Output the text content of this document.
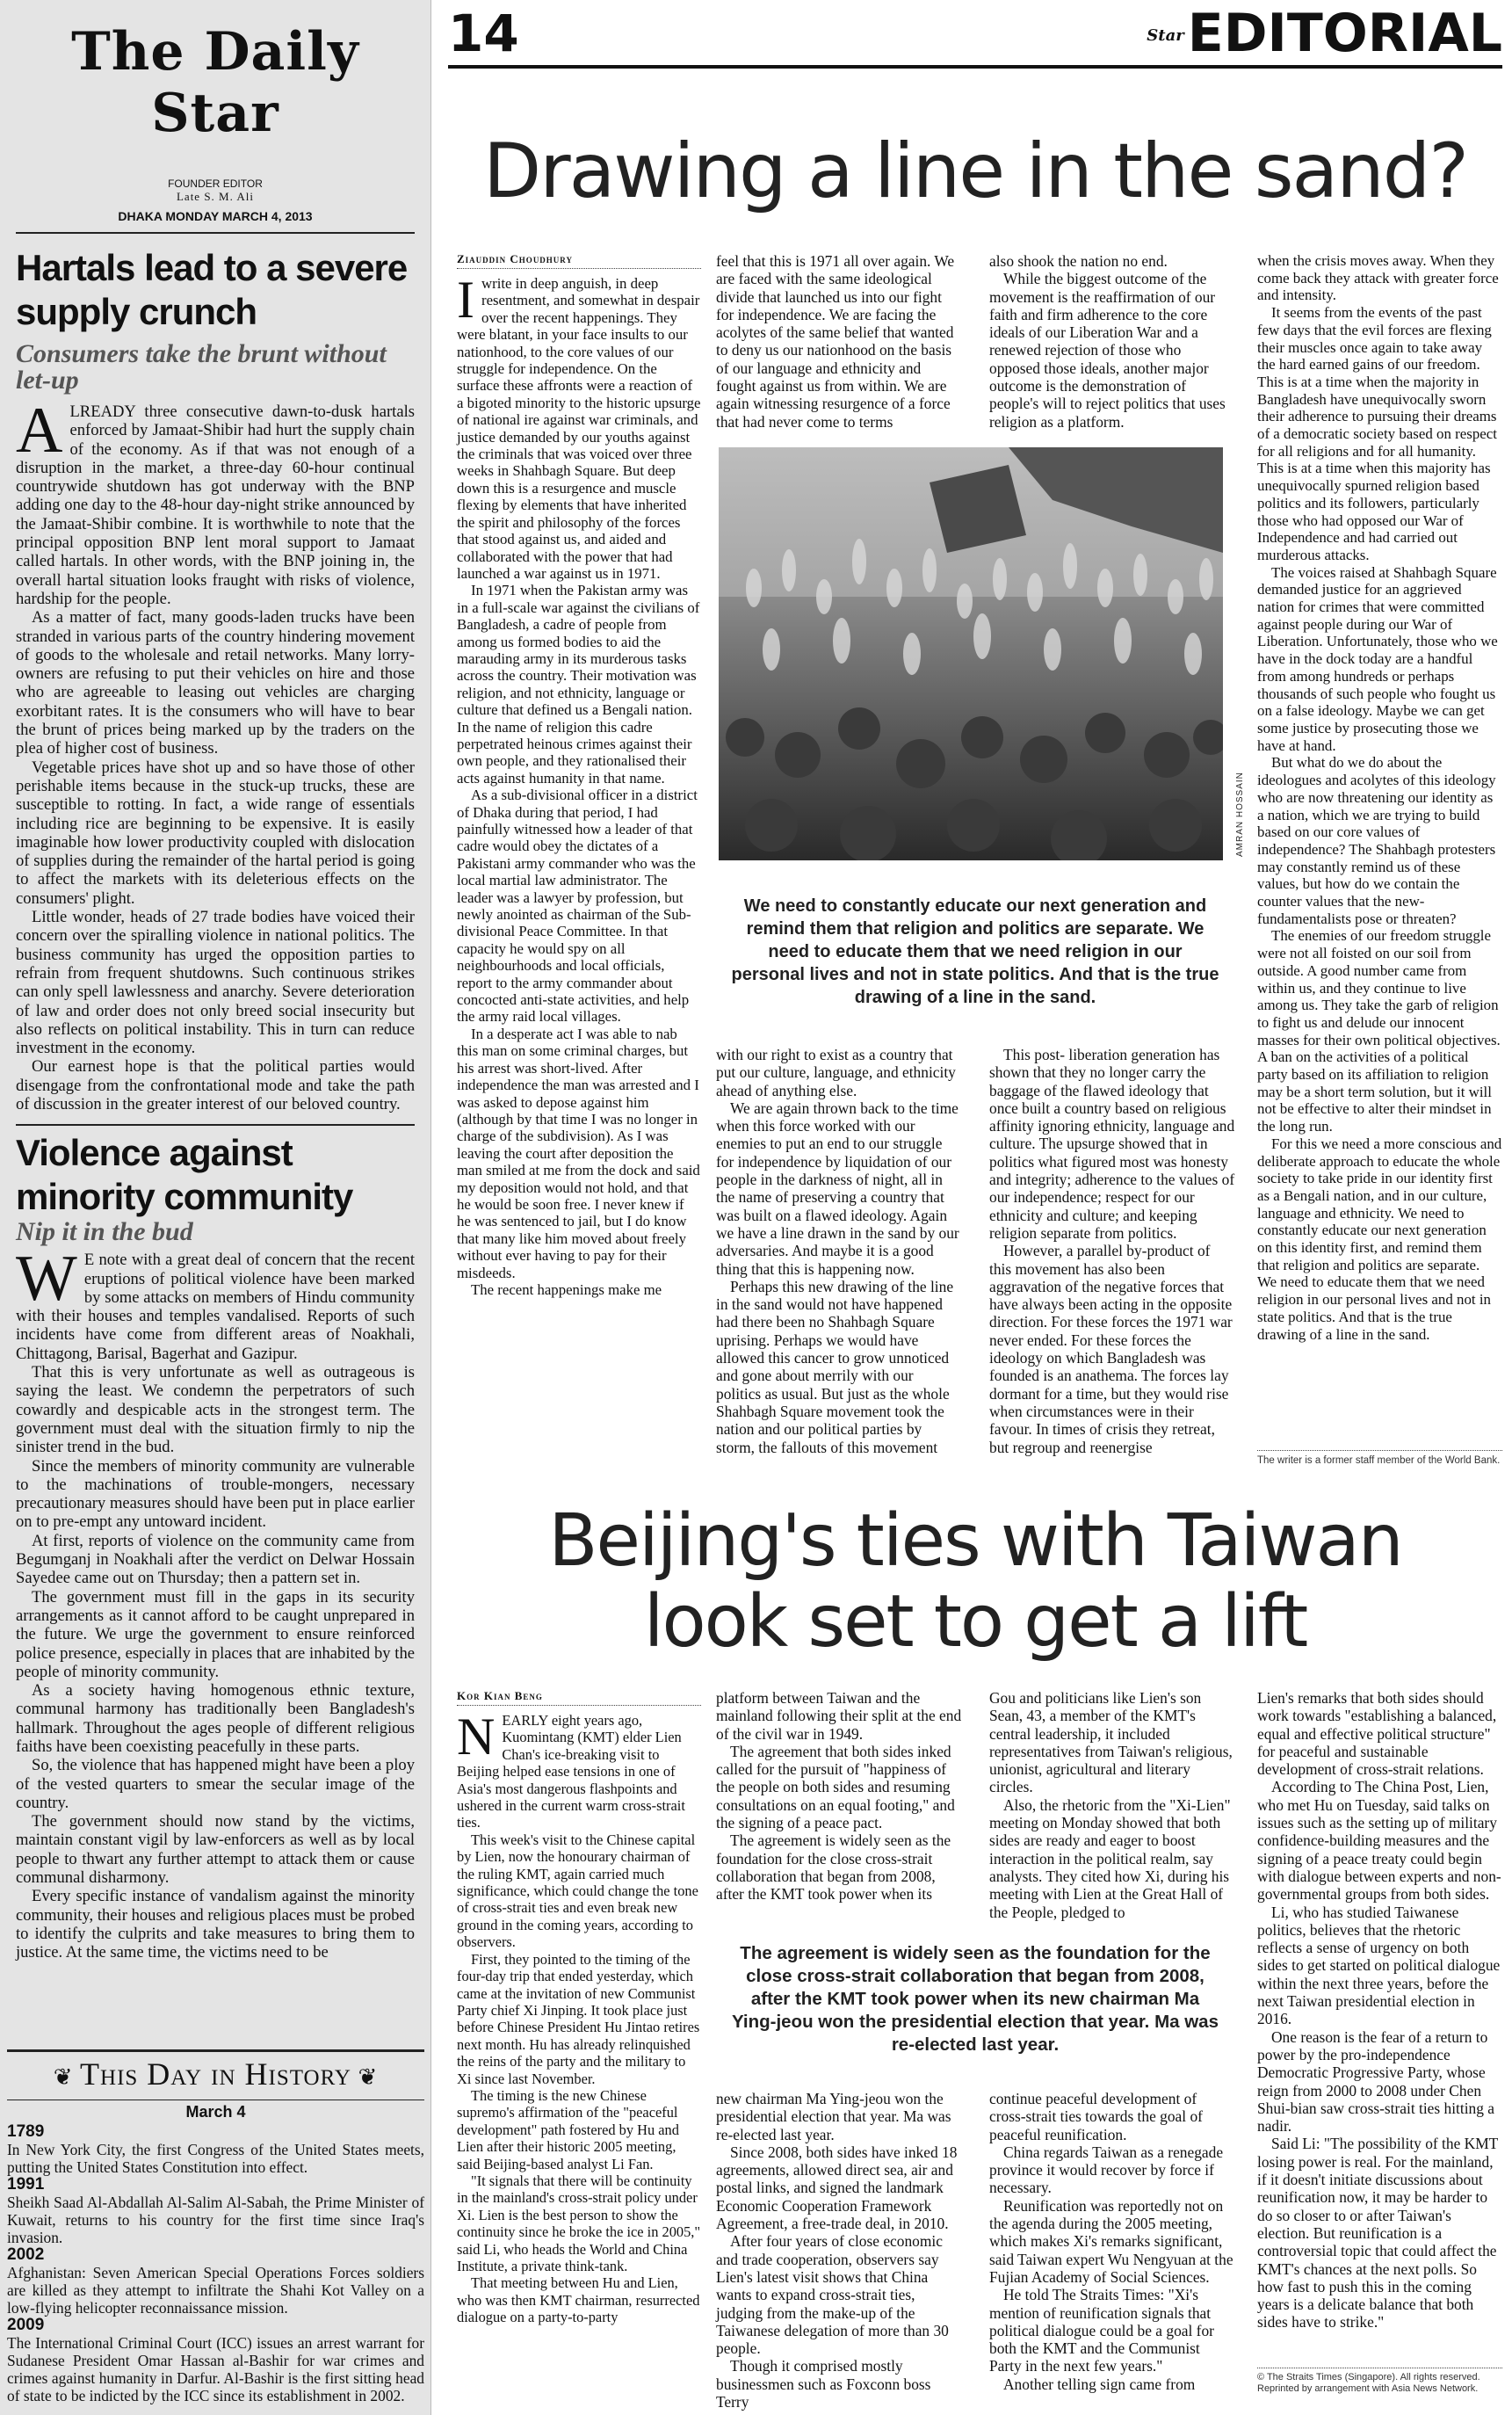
The Daily Star
FOUNDER EDITOR
Late S. M. Ali
DHAKA MONDAY MARCH 4, 2013
Hartals lead to a severe supply crunch
Consumers take the brunt without let-up

ALREADY three consecutive dawn-to-dusk hartals enforced by Jamaat-Shibir had hurt the supply chain of the economy. As if that was not enough of a disruption in the market, a three-day 60-hour continual countrywide shutdown has got underway with the BNP adding one day to the 48-hour day-night strike announced by the Jamaat-Shibir combine. It is worthwhile to note that the principal opposition BNP lent moral support to Jamaat called hartals. In other words, with the BNP joining in, the overall hartal situation looks fraught with risks of violence, hardship for the people.

As a matter of fact, many goods-laden trucks have been stranded in various parts of the country hindering movement of goods to the wholesale and retail networks. Many lorry-owners are refusing to put their vehicles on hire and those who are agreeable to leasing out vehicles are charging exorbitant rates. It is the consumers who will have to bear the brunt of prices being marked up by the traders on the plea of higher cost of business.

Vegetable prices have shot up and so have those of other perishable items because in the stuck-up trucks, these are susceptible to rotting. In fact, a wide range of essentials including rice are beginning to be expensive. It is easily imaginable how lower productivity coupled with dislocation of supplies during the remainder of the hartal period is going to affect the markets with its deleterious effects on the consumers' plight.

Little wonder, heads of 27 trade bodies have voiced their concern over the spiralling violence in national politics. The business community has urged the opposition parties to refrain from frequent shutdowns. Such continuous strikes can only spell lawlessness and anarchy. Severe deterioration of law and order does not only breed social insecurity but also reflects on political instability. This in turn can reduce investment in the economy.

Our earnest hope is that the political parties would disengage from the confrontational mode and take the path of discussion in the greater interest of our beloved country.

Violence against minority community
Nip it in the bud

W E note with a great deal of concern that the recent eruptions of political violence have been marked by some attacks on members of Hindu community with their houses and temples vandalised. Reports of such incidents have come from different areas of Noakhali, Chittagong, Barisal, Bagerhat and Gazipur.

That this is very unfortunate as well as outrageous is saying the least. We condemn the perpetrators of such cowardly and despicable acts in the strongest term. The government must deal with the situation firmly to nip the sinister trend in the bud.

Since the members of minority community are vulnerable to the machinations of trouble-mongers, necessary precautionary measures should have been put in place earlier on to pre-empt any untoward incident.

At first, reports of violence on the community came from Begumganj in Noakhali after the verdict on Delwar Hossain Sayedee came out on Thursday; then a pattern set in.

The government must fill in the gaps in its security arrangements as it cannot afford to be caught unprepared in the future. We urge the government to ensure reinforced police presence, especially in places that are inhabited by the people of minority community.

As a society having homogenous ethnic texture, communal harmony has traditionally been Bangladesh's hallmark. Throughout the ages people of different religious faiths have been coexisting peacefully in these parts.

So, the violence that has happened might have been a ploy of the vested quarters to smear the secular image of the country.

The government should now stand by the victims, maintain constant vigil by law-enforcers as well as by local people to thwart any further attempt to attack them or cause communal disharmony.

Every specific instance of vandalism against the minority community, their houses and religious places must be probed to identify the culprits and take measures to bring them to justice. At the same time, the victims need to be

❦ This Day in History ❦
March 4
1789
In New York City, the first Congress of the United States meets, putting the United States Constitution into effect.
1991
Sheikh Saad Al-Abdallah Al-Salim Al-Sabah, the Prime Minister of Kuwait, returns to his country for the first time since Iraq's invasion.
2002
Afghanistan: Seven American Special Operations Forces soldiers are killed as they attempt to infiltrate the Shahi Kot Valley on a low-flying helicopter reconnaissance mission.
2009
The International Criminal Court (ICC) issues an arrest warrant for Sudanese President Omar Hassan al-Bashir for war crimes and crimes against humanity in Darfur. Al-Bashir is the first sitting head of state to be indicted by the ICC since its establishment in 2002.
14	StarEDITORIAL
Drawing a line in the sand?
Ziauddin Choudhury

Iwrite in deep anguish, in deep resentment, and somewhat in despair over the recent happenings. They were blatant, in your face insults to our nationhood, to the core values of our struggle for independence. On the surface these affronts were a reaction of a bigoted minority to the historic upsurge of national ire against war criminals, and justice demanded by our youths against the criminals that was voiced over three weeks in Shahbagh Square. But deep down this is a resurgence and muscle flexing by elements that have inherited the spirit and philosophy of the forces that stood against us, and aided and collaborated with the power that had launched a war against us in 1971.

In 1971 when the Pakistan army was in a full-scale war against the civilians of Bangladesh, a cadre of people from among us formed bodies to aid the marauding army in its murderous tasks across the country. Their motivation was religion, and not ethnicity, language or culture that defined us a Bengali nation. In the name of religion this cadre perpetrated heinous crimes against their own people, and they rationalised their acts against humanity in that name.

As a sub-divisional officer in a district of Dhaka during that period, I had painfully witnessed how a leader of that cadre would obey the dictates of a Pakistani army commander who was the local martial law administrator. The leader was a lawyer by profession, but newly anointed as chairman of the Sub-divisional Peace Committee. In that capacity he would spy on all neighbourhoods and local officials, report to the army commander about concocted anti-state activities, and help the army raid local villages.

In a desperate act I was able to nab this man on some criminal charges, but his arrest was short-lived. After independence the man was arrested and I was asked to depose against him (although by that time I was no longer in charge of the subdivision). As I was leaving the court after deposition the man smiled at me from the dock and said my deposition would not hold, and that he would be soon free. I never knew if he was sentenced to jail, but I do know that many like him moved about freely without ever having to pay for their misdeeds.

The recent happenings make me

feel that this is 1971 all over again. We are faced with the same ideological divide that launched us into our fight for independence. We are facing the acolytes of the same belief that wanted to deny us our nationhood on the basis of our language and ethnicity and fought against us from within. We are again witnessing resurgence of a force that had never come to terms

also shook the nation no end.

While the biggest outcome of the movement is the reaffirmation of our faith and firm adherence to the core ideals of our Liberation War and a renewed rejection of those who opposed those ideals, another major outcome is the demonstration of people's will to reject politics that uses religion as a platform.

AMRAN HOSSAIN
We need to constantly educate our next generation and remind them that religion and politics are separate. We need to educate them that we need religion in our personal lives and not in state politics. And that is the true drawing of a line in the sand.

with our right to exist as a country that put our culture, language, and ethnicity ahead of anything else.

We are again thrown back to the time when this force worked with our enemies to put an end to our struggle for independence by liquidation of our people in the darkness of night, all in the name of preserving a country that was built on a flawed ideology. Again we have a line drawn in the sand by our adversaries. And maybe it is a good thing that this is happening now.

Perhaps this new drawing of the line in the sand would not have happened had there been no Shahbagh Square uprising. Perhaps we would have allowed this cancer to grow unnoticed and gone about merrily with our politics as usual. But just as the whole Shahbagh Square movement took the nation and our political parties by storm, the fallouts of this movement

This post- liberation generation has shown that they no longer carry the baggage of the flawed ideology that once built a country based on religious affinity ignoring ethnicity, language and culture. The upsurge showed that in politics what figured most was honesty and integrity; adherence to the values of our independence; respect for our ethnicity and culture; and keeping religion separate from politics.

However, a parallel by-product of this movement has also been aggravation of the negative forces that have always been acting in the opposite direction. For these forces the 1971 war never ended. For these forces the ideology on which Bangladesh was founded is an anathema. The forces lay dormant for a time, but they would rise when circumstances were in their favour. In times of crisis they retreat, but regroup and reenergise

when the crisis moves away. When they come back they attack with greater force and intensity.

It seems from the events of the past few days that the evil forces are flexing their muscles once again to take away the hard earned gains of our freedom. This is at a time when the majority in Bangladesh have unequivocally sworn their adherence to pursuing their dreams of a democratic society based on respect for all religions and for all humanity. This is at a time when this majority has unequivocally spurned religion based politics and its followers, particularly those who had opposed our War of Independence and had carried out murderous attacks.

The voices raised at Shahbagh Square demanded justice for an aggrieved nation for crimes that were committed against people during our War of Liberation. Unfortunately, those who we have in the dock today are a handful from among hundreds or perhaps thousands of such people who fought us on a false ideology. Maybe we can get some justice by prosecuting those we have at hand.

But what do we do about the ideologues and acolytes of this ideology who are now threatening our identity as a nation, which we are trying to build based on our core values of independence? The Shahbagh protesters may constantly remind us of these values, but how do we contain the counter values that the new-fundamentalists pose or threaten?

The enemies of our freedom struggle were not all foisted on our soil from outside. A good number came from within us, and they continue to live among us. They take the garb of religion to fight us and delude our innocent masses for their own political objectives. A ban on the activities of a political party based on its affiliation to religion may be a short term solution, but it will not be effective to alter their mindset in the long run.

For this we need a more conscious and deliberate approach to educate the whole society to take pride in our identity first as a Bengali nation, and in our culture, language and ethnicity. We need to constantly educate our next generation on this identity first, and remind them that religion and politics are separate. We need to educate them that we need religion in our personal lives and not in state politics. And that is the true drawing of a line in the sand.

The writer is a former staff member of the World Bank.
Beijing's ties with Taiwan
look set to get a lift
Kor Kian Beng

NEARLY eight years ago, Kuomintang (KMT) elder Lien Chan's ice-breaking visit to Beijing helped ease tensions in one of Asia's most dangerous flashpoints and ushered in the current warm cross-strait ties.

This week's visit to the Chinese capital by Lien, now the honourary chairman of the ruling KMT, again carried much significance, which could change the tone of cross-strait ties and even break new ground in the coming years, according to observers.

First, they pointed to the timing of the four-day trip that ended yesterday, which came at the invitation of new Communist Party chief Xi Jinping. It took place just before Chinese President Hu Jintao retires next month. Hu has already relinquished the reins of the party and the military to Xi since last November.

The timing is the new Chinese supremo's affirmation of the "peaceful development" path fostered by Hu and Lien after their historic 2005 meeting, said Beijing-based analyst Li Fan.

"It signals that there will be continuity in the mainland's cross-strait policy under Xi. Lien is the best person to show the continuity since he broke the ice in 2005," said Li, who heads the World and China Institute, a private think-tank.

That meeting between Hu and Lien, who was then KMT chairman, resurrected dialogue on a party-to-party

platform between Taiwan and the mainland following their split at the end of the civil war in 1949.

The agreement that both sides inked called for the pursuit of "happiness of the people on both sides and resuming consultations on an equal footing," and the signing of a peace pact.

The agreement is widely seen as the foundation for the close cross-strait collaboration that began from 2008, after the KMT took power when its

Gou and politicians like Lien's son Sean, 43, a member of the KMT's central leadership, it included representatives from Taiwan's religious, unionist, agricultural and literary circles.

Also, the rhetoric from the "Xi-Lien" meeting on Monday showed that both sides are ready and eager to boost interaction in the political realm, say analysts. They cited how Xi, during his meeting with Lien at the Great Hall of the People, pledged to

The agreement is widely seen as the foundation for the close cross-strait collaboration that began from 2008, after the KMT took power when its new chairman Ma Ying-jeou won the presidential election that year. Ma was re-elected last year.

new chairman Ma Ying-jeou won the presidential election that year. Ma was re-elected last year.

Since 2008, both sides have inked 18 agreements, allowed direct sea, air and postal links, and signed the landmark Economic Cooperation Framework Agreement, a free-trade deal, in 2010.

After four years of close economic and trade cooperation, observers say Lien's latest visit shows that China wants to expand cross-strait ties, judging from the make-up of the Taiwanese delegation of more than 30 people.

Though it comprised mostly businessmen such as Foxconn boss Terry

continue peaceful development of cross-strait ties towards the goal of peaceful reunification.

China regards Taiwan as a renegade province it would recover by force if necessary.

Reunification was reportedly not on the agenda during the 2005 meeting, which makes Xi's remarks significant, said Taiwan expert Wu Nengyuan at the Fujian Academy of Social Sciences.

He told The Straits Times: "Xi's mention of reunification signals that political dialogue could be a goal for both the KMT and the Communist Party in the next few years."

Another telling sign came from

Lien's remarks that both sides should work towards "establishing a balanced, equal and effective political structure" for peaceful and sustainable development of cross-strait relations.

According to The China Post, Lien, who met Hu on Tuesday, said talks on issues such as the setting up of military confidence-building measures and the signing of a peace treaty could begin with dialogue between experts and non-governmental groups from both sides.

Li, who has studied Taiwanese politics, believes that the rhetoric reflects a sense of urgency on both sides to get started on political dialogue within the next three years, before the next Taiwan presidential election in 2016.

One reason is the fear of a return to power by the pro-independence Democratic Progressive Party, whose reign from 2000 to 2008 under Chen Shui-bian saw cross-strait ties hitting a nadir.

Said Li: "The possibility of the KMT losing power is real. For the mainland, if it doesn't initiate discussions about reunification now, it may be harder to do so closer to or after Taiwan's election. But reunification is a controversial topic that could affect the KMT's chances at the next polls. So how fast to push this in the coming years is a delicate balance that both sides have to strike."

© The Straits Times (Singapore). All rights reserved. Reprinted by arrangement with Asia News Network.
